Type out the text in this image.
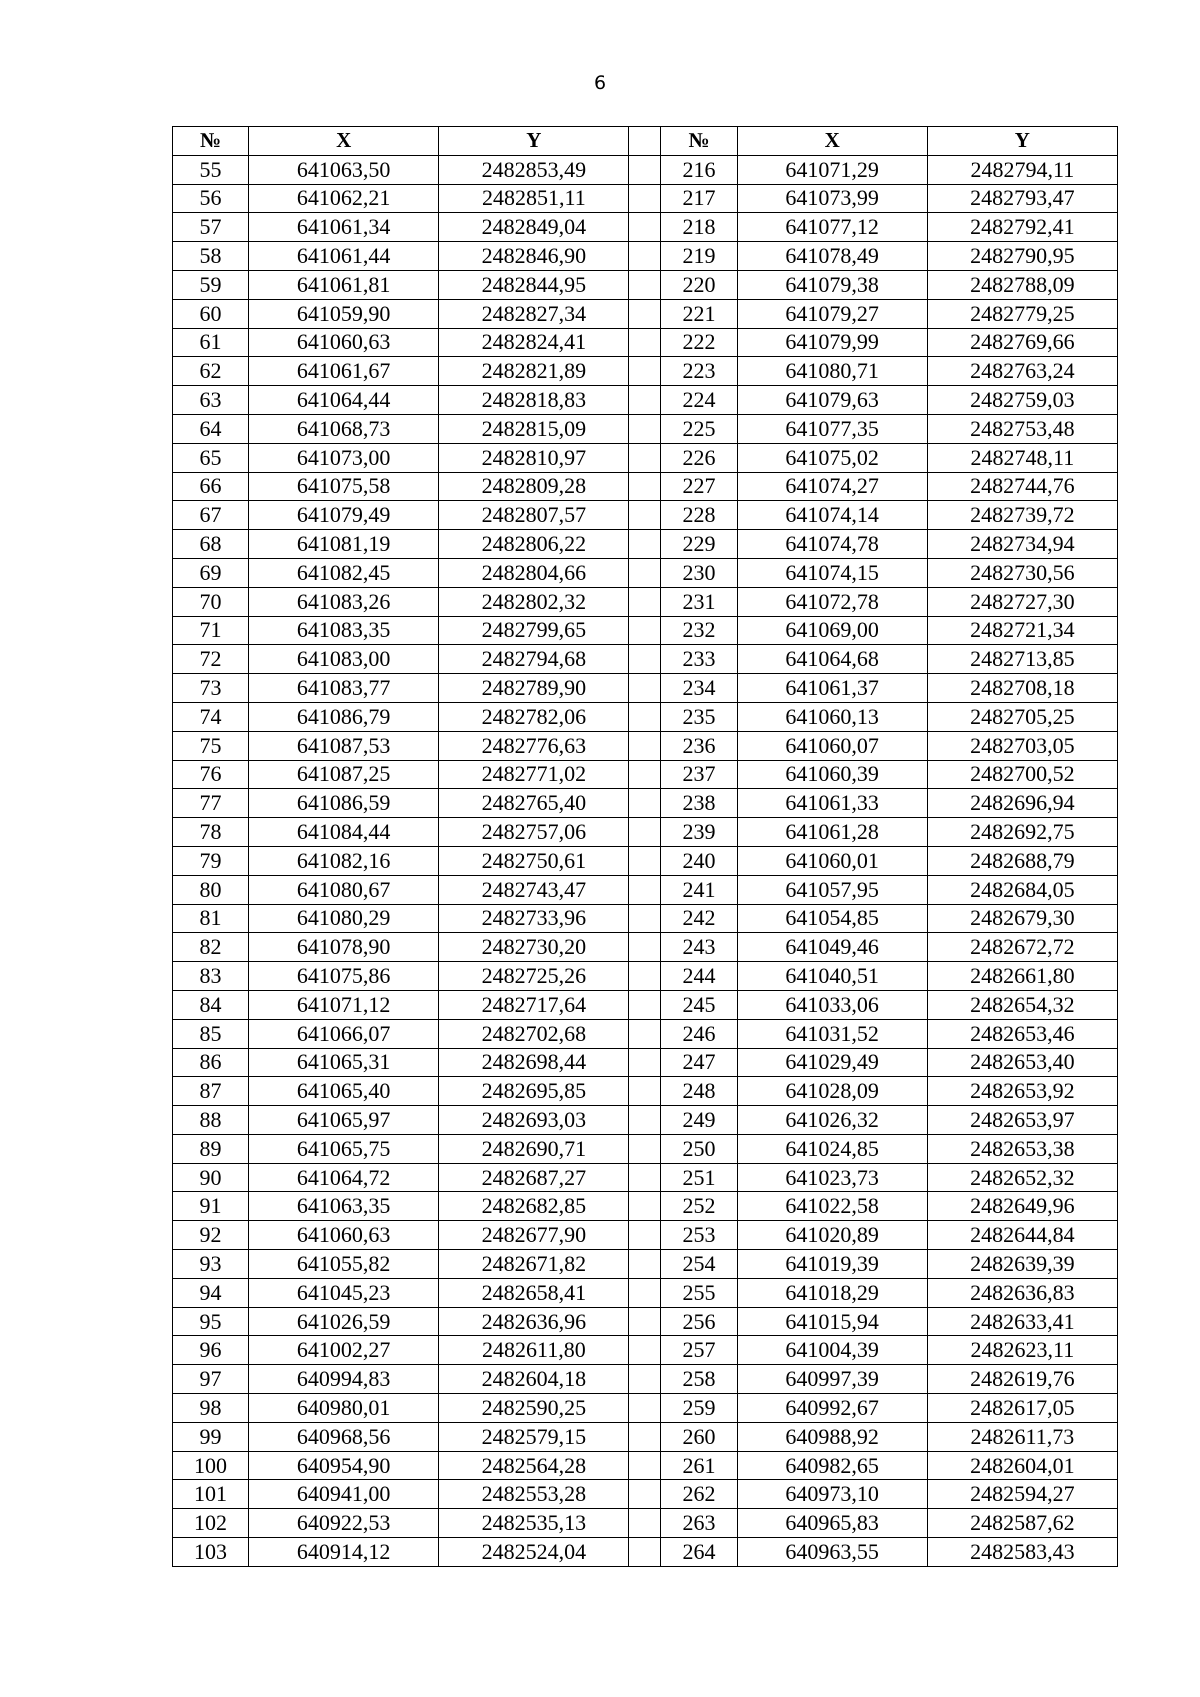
6
№	X	Y		№	X	Y
55	641063,50	2482853,49		216	641071,29	2482794,11
56	641062,21	2482851,11		217	641073,99	2482793,47
57	641061,34	2482849,04		218	641077,12	2482792,41
58	641061,44	2482846,90		219	641078,49	2482790,95
59	641061,81	2482844,95		220	641079,38	2482788,09
60	641059,90	2482827,34		221	641079,27	2482779,25
61	641060,63	2482824,41		222	641079,99	2482769,66
62	641061,67	2482821,89		223	641080,71	2482763,24
63	641064,44	2482818,83		224	641079,63	2482759,03
64	641068,73	2482815,09		225	641077,35	2482753,48
65	641073,00	2482810,97		226	641075,02	2482748,11
66	641075,58	2482809,28		227	641074,27	2482744,76
67	641079,49	2482807,57		228	641074,14	2482739,72
68	641081,19	2482806,22		229	641074,78	2482734,94
69	641082,45	2482804,66		230	641074,15	2482730,56
70	641083,26	2482802,32		231	641072,78	2482727,30
71	641083,35	2482799,65		232	641069,00	2482721,34
72	641083,00	2482794,68		233	641064,68	2482713,85
73	641083,77	2482789,90		234	641061,37	2482708,18
74	641086,79	2482782,06		235	641060,13	2482705,25
75	641087,53	2482776,63		236	641060,07	2482703,05
76	641087,25	2482771,02		237	641060,39	2482700,52
77	641086,59	2482765,40		238	641061,33	2482696,94
78	641084,44	2482757,06		239	641061,28	2482692,75
79	641082,16	2482750,61		240	641060,01	2482688,79
80	641080,67	2482743,47		241	641057,95	2482684,05
81	641080,29	2482733,96		242	641054,85	2482679,30
82	641078,90	2482730,20		243	641049,46	2482672,72
83	641075,86	2482725,26		244	641040,51	2482661,80
84	641071,12	2482717,64		245	641033,06	2482654,32
85	641066,07	2482702,68		246	641031,52	2482653,46
86	641065,31	2482698,44		247	641029,49	2482653,40
87	641065,40	2482695,85		248	641028,09	2482653,92
88	641065,97	2482693,03		249	641026,32	2482653,97
89	641065,75	2482690,71		250	641024,85	2482653,38
90	641064,72	2482687,27		251	641023,73	2482652,32
91	641063,35	2482682,85		252	641022,58	2482649,96
92	641060,63	2482677,90		253	641020,89	2482644,84
93	641055,82	2482671,82		254	641019,39	2482639,39
94	641045,23	2482658,41		255	641018,29	2482636,83
95	641026,59	2482636,96		256	641015,94	2482633,41
96	641002,27	2482611,80		257	641004,39	2482623,11
97	640994,83	2482604,18		258	640997,39	2482619,76
98	640980,01	2482590,25		259	640992,67	2482617,05
99	640968,56	2482579,15		260	640988,92	2482611,73
100	640954,90	2482564,28		261	640982,65	2482604,01
101	640941,00	2482553,28		262	640973,10	2482594,27
102	640922,53	2482535,13		263	640965,83	2482587,62
103	640914,12	2482524,04		264	640963,55	2482583,43
